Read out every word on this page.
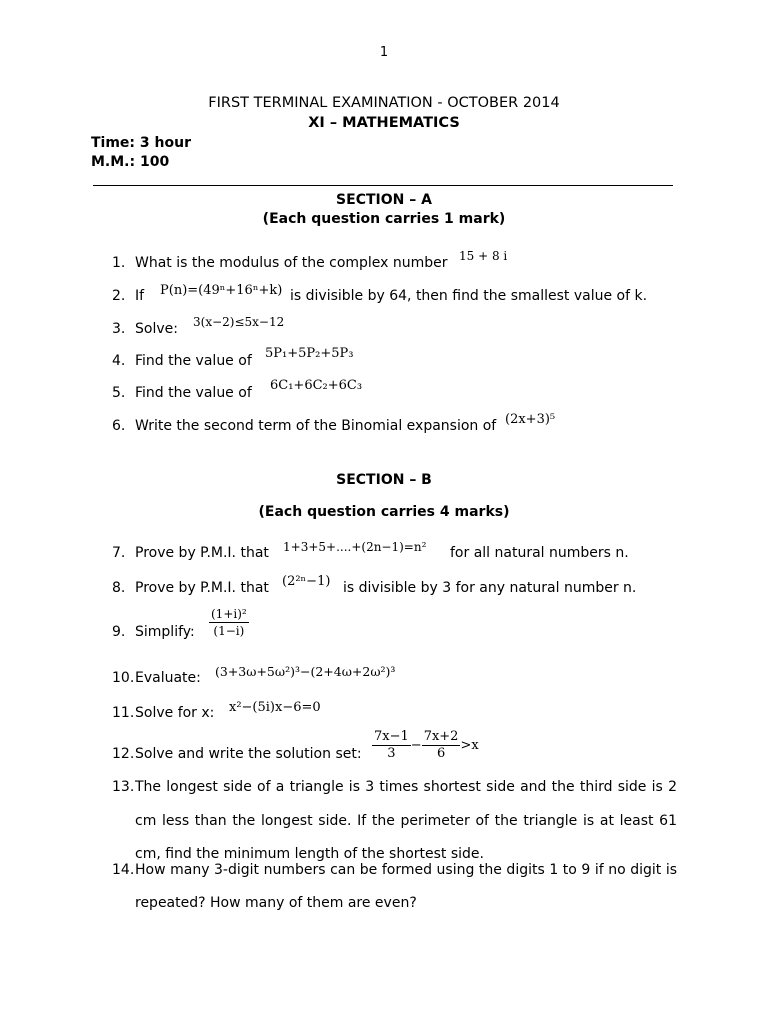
1
FIRST TERMINAL EXAMINATION - OCTOBER 2014
XI – MATHEMATICS
Time: 3 hour
M.M.: 100
SECTION – A
(Each question carries 1 mark)
1. What is the modulus of the complex number 15 + 8 i
2. If P(n)=(49ⁿ+16ⁿ+k) is divisible by 64, then find the smallest value of k.
3. Solve: 3(x−2)≤5x−12
4. Find the value of 5P₁+5P₂+5P₃
5. Find the value of 6C₁+6C₂+6C₃
6. Write the second term of the Binomial expansion of (2x+3)⁵
SECTION – B
(Each question carries 4 marks)
7. Prove by P.M.I. that 1+3+5+....+(2n−1)=n² for all natural numbers n.
8. Prove by P.M.I. that (2²ⁿ−1) is divisible by 3 for any natural number n.
9. Simplify: $\frac{\text{(1+i)²}}{(1-i)}$
10.Evaluate: (3+3ω+5ω²)³−(2+4ω+2ω²)³
11.Solve for x: x²−(5i)x−6=0
12.Solve and write the solution set: $\frac{7x-1}{3} - \frac{7x+2}{6} >x$
13. The longest side of a triangle is 3 times shortest side and the third side is 2
cm less than the longest side. If the perimeter of the triangle is at least 61
cm, find the minimum length of the shortest side.
14. How many 3-digit numbers can be formed using the digits 1 to 9 if no digit is
repeated? How many of them are even?
